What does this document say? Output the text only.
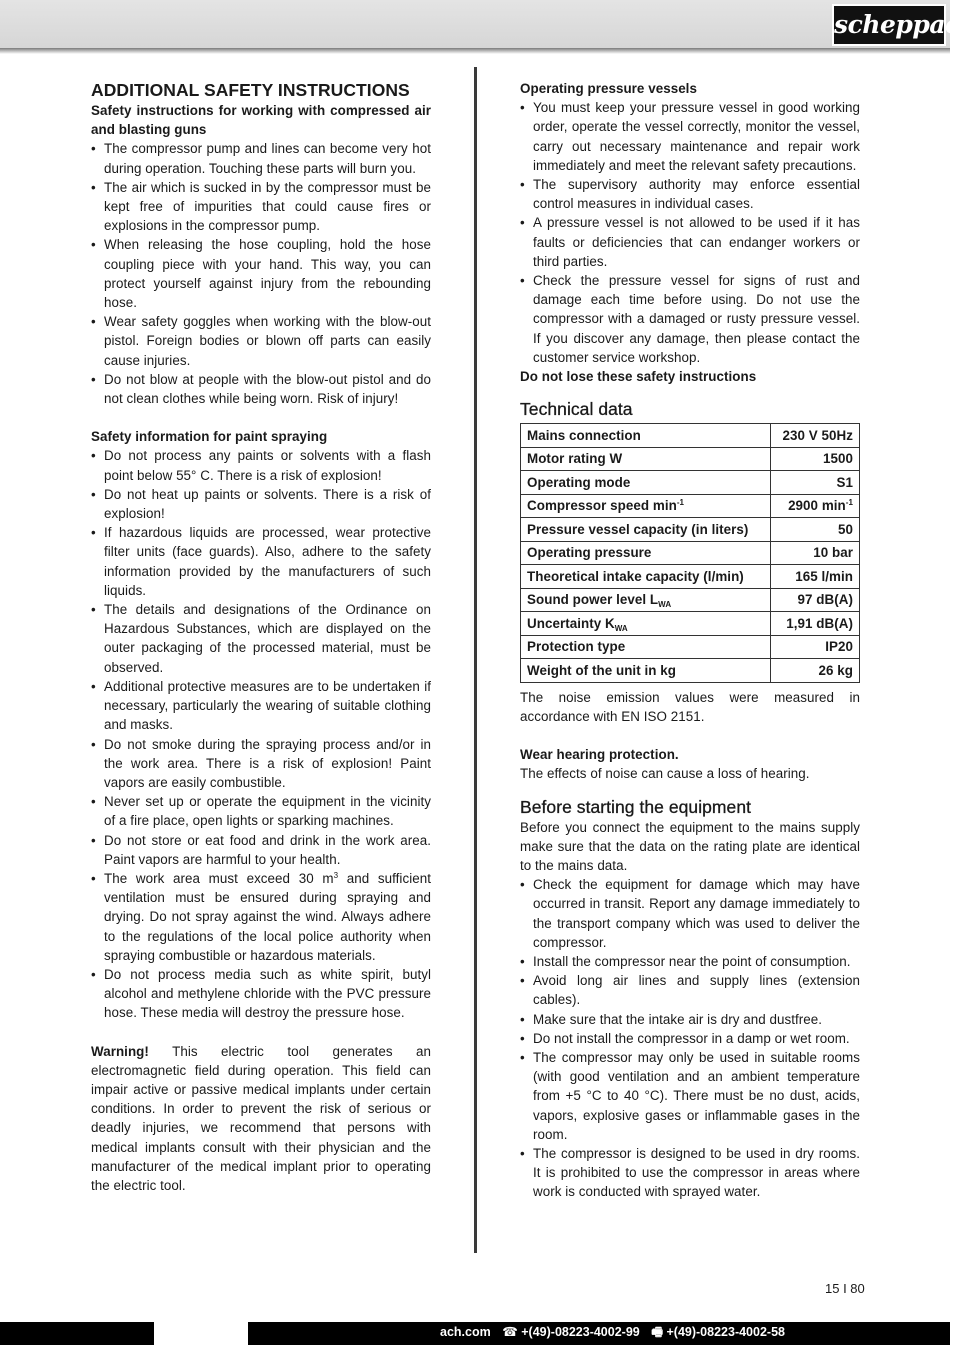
scheppach
ADDITIONAL SAFETY INSTRUCTIONS

Safety instructions for working with compressed air and blasting guns

• The compressor pump and lines can become very hot during operation. Touching these parts will burn you.
• The air which is sucked in by the compressor must be kept free of impurities that could cause fires or explosions in the compressor pump.
• When releasing the hose coupling, hold the hose coupling piece with your hand. This way, you can protect yourself against injury from the rebounding hose.
• Wear safety goggles when working with the blow-out pistol. Foreign bodies or blown off parts can easily cause injuries.
• Do not blow at people with the blow-out pistol and do not clean clothes while being worn. Risk of injury!

Safety information for paint spraying

• Do not process any paints or solvents with a flash point below 55° C. There is a risk of explosion!
• Do not heat up paints or solvents. There is a risk of explosion!
• If hazardous liquids are processed, wear protective filter units (face guards). Also, adhere to the safety information provided by the manufacturers of such liquids.
• The details and designations of the Ordinance on Hazardous Substances, which are displayed on the outer packaging of the processed material, must be observed.
• Additional protective measures are to be undertaken if necessary, particularly the wearing of suitable clothing and masks.
• Do not smoke during the spraying process and/or in the work area. There is a risk of explosion! Paint vapors are easily combustible.
• Never set up or operate the equipment in the vicinity of a fire place, open lights or sparking machines.
• Do not store or eat food and drink in the work area. Paint vapors are harmful to your health.
• The work area must exceed 30 $m^3$ and sufficient ventilation must be ensured during spraying and drying. Do not spray against the wind. Always adhere to the regulations of the local police authority when spraying combustible or hazardous materials.
• Do not process media such as white spirit, butyl alcohol and methylene chloride with the PVC pressure hose. These media will destroy the pressure hose.

Warning! This electric tool generates an electromagnetic field during operation. This field can impair active or passive medical implants under certain conditions. In order to prevent the risk of serious or deadly injuries, we recommend that persons with medical implants consult with their physician and the manufacturer of the medical implant prior to operating the electric tool.

Operating pressure vessels

• You must keep your pressure vessel in good working order, operate the vessel correctly, monitor the vessel, carry out necessary maintenance and repair work immediately and meet the relevant safety precautions.
• The supervisory authority may enforce essential control measures in individual cases.
• A pressure vessel is not allowed to be used if it has faults or deficiencies that can endanger workers or third parties.
• Check the pressure vessel for signs of rust and damage each time before using. Do not use the compressor with a damaged or rusty pressure vessel. If you discover any damage, then please contact the customer service workshop.

Do not lose these safety instructions

Technical data
Mains connection	230 V 50Hz
Motor rating W	1500
Operating mode	S1
Compressor speed $\min^{-1}$	2900 $\min^{-1}$
Pressure vessel capacity (in liters)	50
Operating pressure	10 bar
Theoretical intake capacity (l/min)	165 l/min
Sound power level $L_{WA}$	97 dB(A)
Uncertainty $K_{WA}$	1,91 dB(A)
Protection type	IP20
Weight of the unit in kg	26 kg

The noise emission values were measured in accordance with EN ISO 2151.

Wear hearing protection.

The effects of noise can cause a loss of hearing.

Before starting the equipment

Before you connect the equipment to the mains supply make sure that the data on the rating plate are identical to the mains data.

• Check the equipment for damage which may have occurred in transit. Report any damage immediately to the transport company which was used to deliver the compressor.
• Install the compressor near the point of consumption.
• Avoid long air lines and supply lines (extension cables).
• Make sure that the intake air is dry and dustfree.
• Do not install the compressor in a damp or wet room.
• The compressor may only be used in suitable rooms (with good ventilation and an ambient temperature from +5 °C to 40 °C). There must be no dust, acids, vapors, explosive gases or inflammable gases in the room.
• The compressor is designed to be used in dry rooms. It is prohibited to use the compressor in areas where work is conducted with sprayed water.
15 I 80
ach.com ☎ +(49)-08223-4002-99 🖷 +(49)-08223-4002-58
